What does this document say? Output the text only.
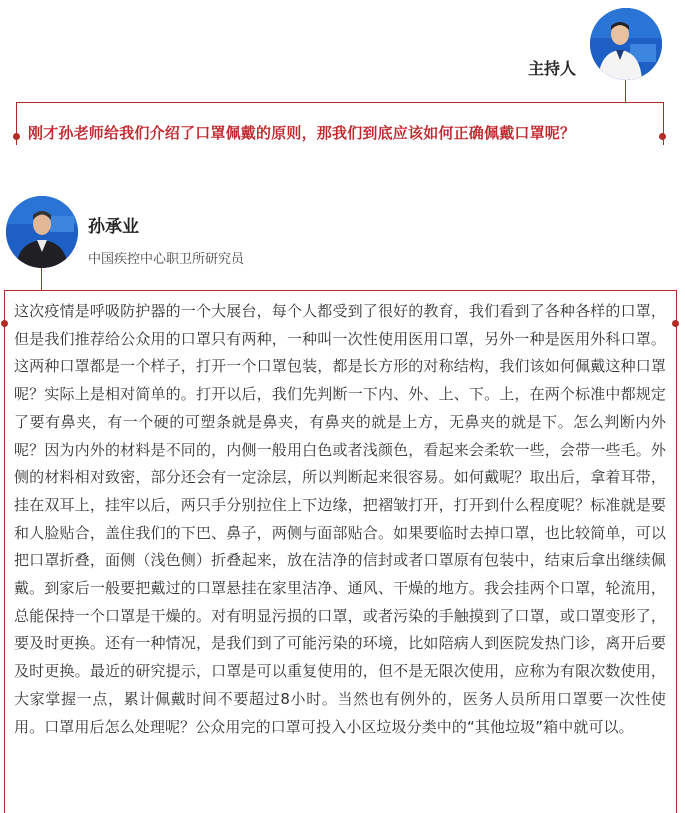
主持人
刚才孙老师给我们介绍了口罩佩戴的原则，那我们到底应该如何正确佩戴口罩呢？
孙承业
中国疾控中心职卫所研究员

这次疫情是呼吸防护器的一个大展台，每个人都受到了很好的教育，我们看到了各种各样的口罩，但是我们推荐给公众用的口罩只有两种，一种叫一次性使用医用口罩，另外一种是医用外科口罩。这两种口罩都是一个样子，打开一个口罩包装，都是长方形的对称结构，我们该如何佩戴这种口罩呢？实际上是相对简单的。打开以后，我们先判断一下内、外、上、下。上，在两个标准中都规定了要有鼻夹，有一个硬的可塑条就是鼻夹，有鼻夹的就是上方，无鼻夹的就是下。怎么判断内外呢？因为内外的材料是不同的，内侧一般用白色或者浅颜色，看起来会柔软一些，会带一些毛。外侧的材料相对致密，部分还会有一定涂层，所以判断起来很容易。如何戴呢？取出后，拿着耳带，挂在双耳上，挂牢以后，两只手分别拉住上下边缘，把褶皱打开，打开到什么程度呢？标准就是要和人脸贴合，盖住我们的下巴、鼻子，两侧与面部贴合。如果要临时去掉口罩，也比较简单，可以把口罩折叠，面侧（浅色侧）折叠起来，放在洁净的信封或者口罩原有包装中，结束后拿出继续佩戴。到家后一般要把戴过的口罩悬挂在家里洁净、通风、干燥的地方。我会挂两个口罩，轮流用，总能保持一个口罩是干燥的。对有明显污损的口罩，或者污染的手触摸到了口罩，或口罩变形了，要及时更换。还有一种情况，是我们到了可能污染的环境，比如陪病人到医院发热门诊，离开后要及时更换。最近的研究提示，口罩是可以重复使用的，但不是无限次使用，应称为有限次数使用，大家掌握一点，累计佩戴时间不要超过8小时。当然也有例外的，医务人员所用口罩要一次性使用。口罩用后怎么处理呢？公众用完的口罩可投入小区垃圾分类中的“其他垃圾”箱中就可以。
